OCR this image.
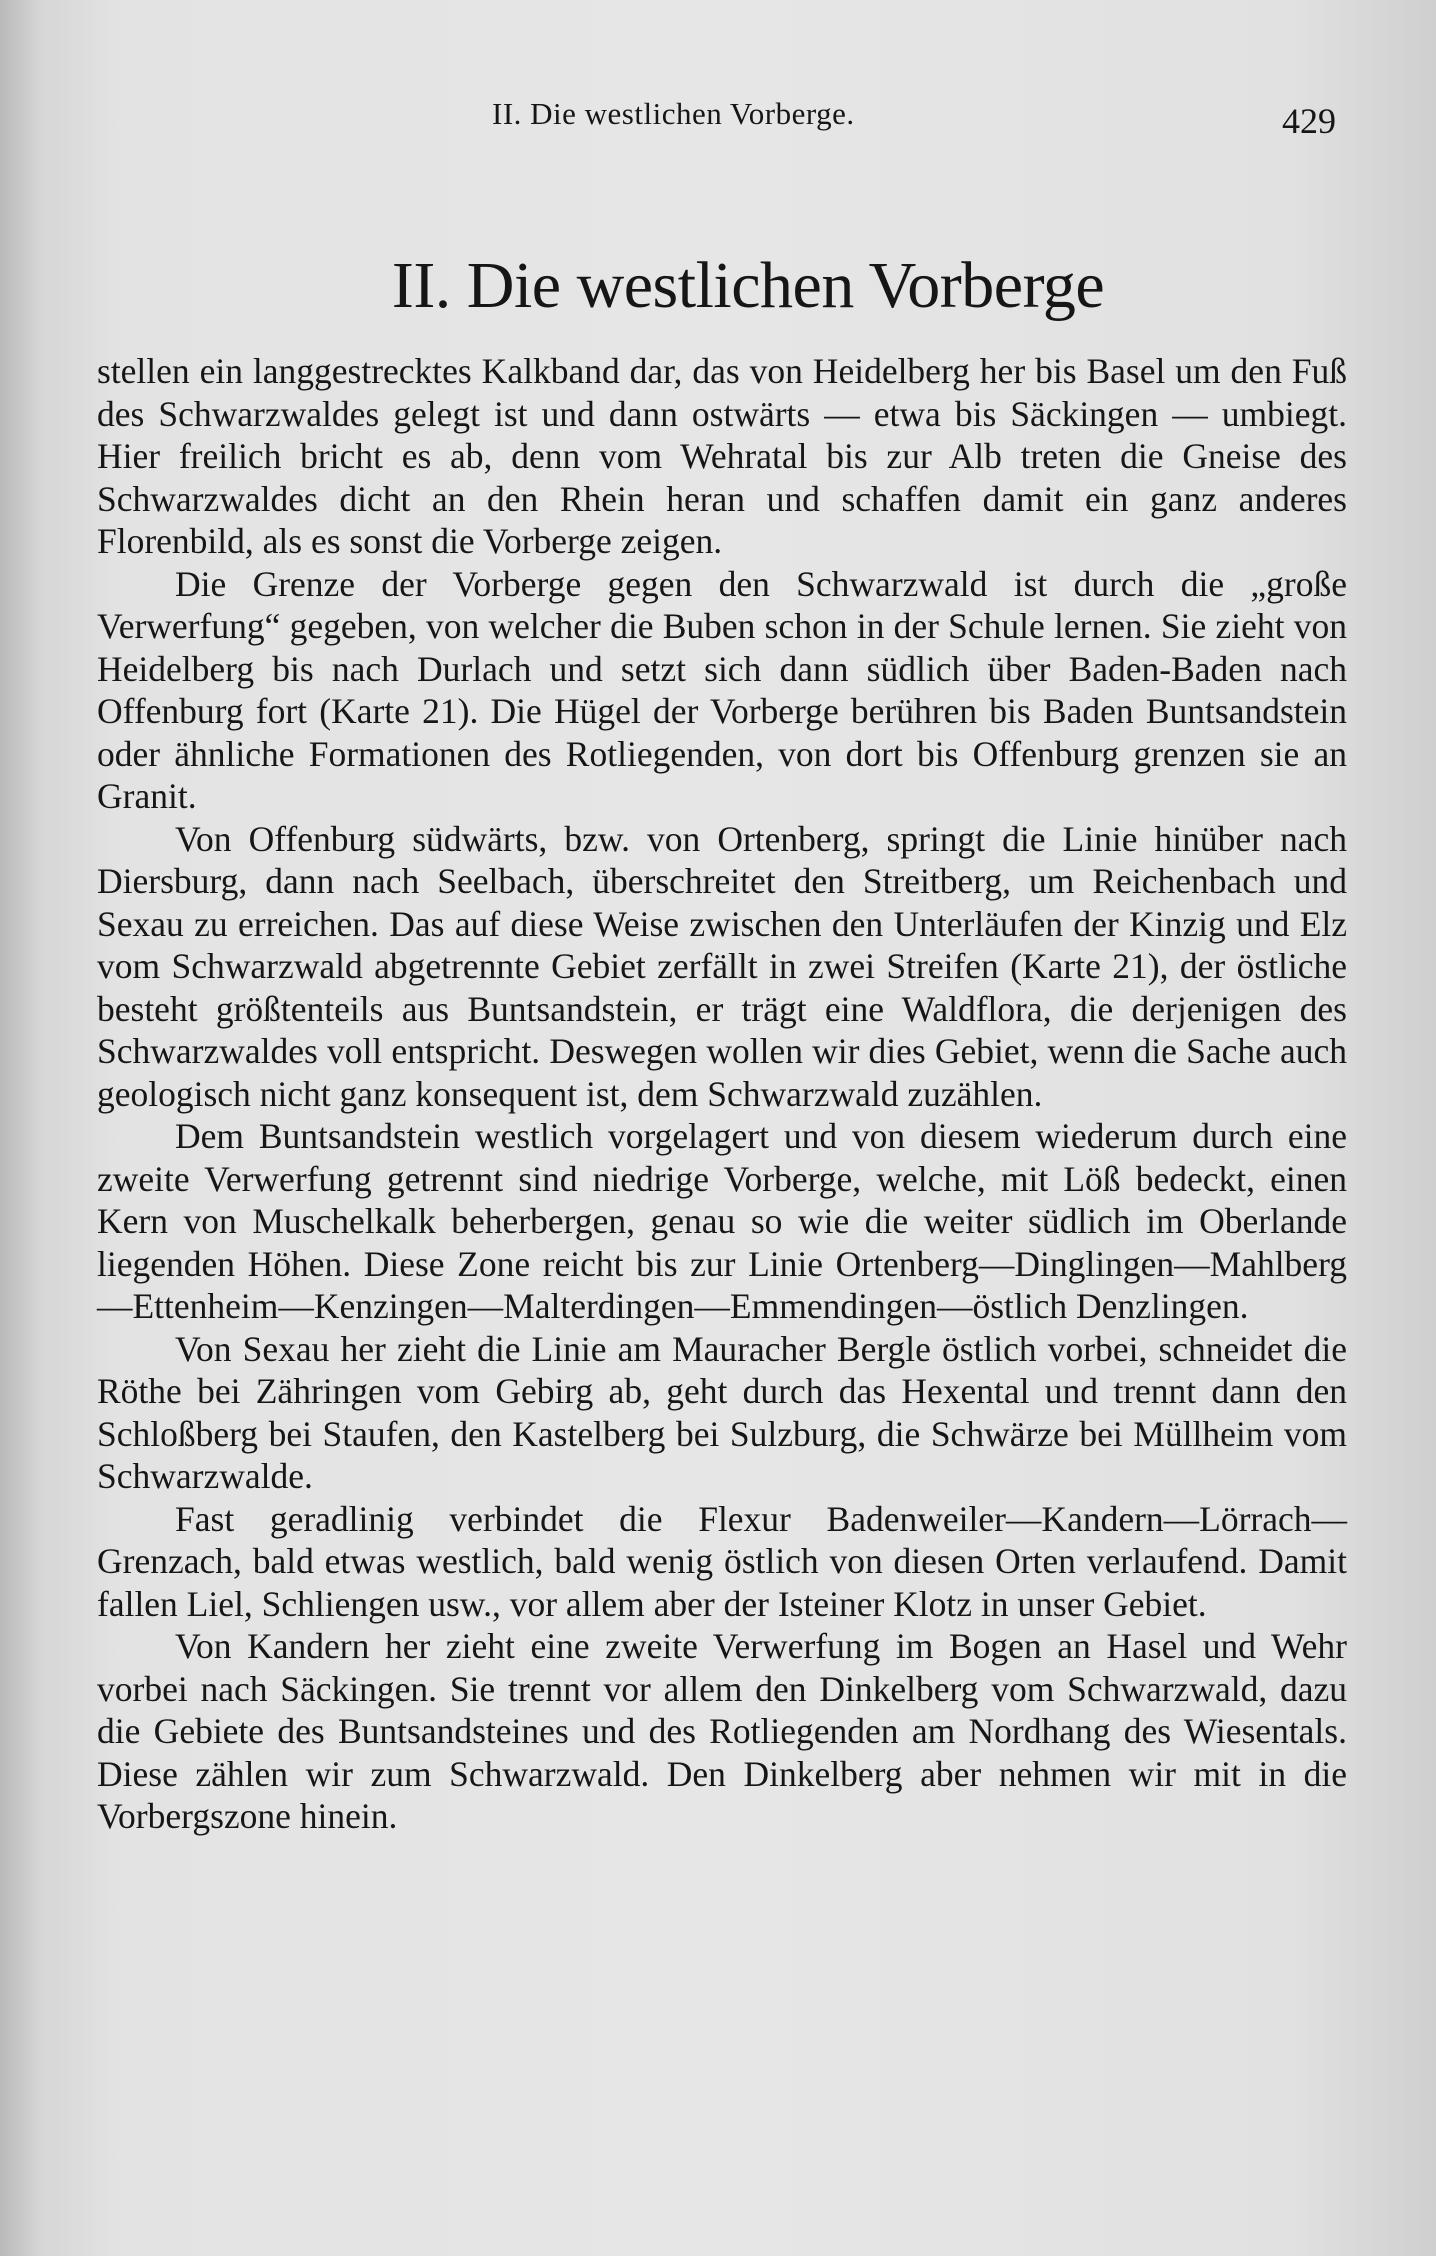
II. Die westlichen Vorberge.	429
II. Die westlichen Vorberge

stellen ein langgestrecktes Kalkband dar, das von Heidelberg her bis Basel um den Fuß des Schwarzwaldes gelegt ist und dann ostwärts — etwa bis Säckingen — umbiegt. Hier freilich bricht es ab, denn vom Wehratal bis zur Alb treten die Gneise des Schwarzwaldes dicht an den Rhein heran und schaffen damit ein ganz anderes Florenbild, als es sonst die Vorberge zeigen.

Die Grenze der Vorberge gegen den Schwarzwald ist durch die „große Verwerfung“ gegeben, von welcher die Buben schon in der Schule lernen. Sie zieht von Heidelberg bis nach Durlach und setzt sich dann südlich über Baden-Baden nach Offenburg fort (Karte 21). Die Hügel der Vorberge berühren bis Baden Buntsandstein oder ähnliche Formationen des Rotliegenden, von dort bis Offenburg grenzen sie an Granit.

Von Offenburg südwärts, bzw. von Ortenberg, springt die Linie hinüber nach Diersburg, dann nach Seelbach, überschreitet den Streitberg, um Reichenbach und Sexau zu erreichen. Das auf diese Weise zwischen den Unterläufen der Kinzig und Elz vom Schwarzwald abgetrennte Gebiet zerfällt in zwei Streifen (Karte 21), der östliche besteht größtenteils aus Buntsandstein, er trägt eine Waldflora, die derjenigen des Schwarzwaldes voll entspricht. Deswegen wollen wir dies Gebiet, wenn die Sache auch geologisch nicht ganz konsequent ist, dem Schwarzwald zuzählen.

Dem Buntsandstein westlich vorgelagert und von diesem wiederum durch eine zweite Verwerfung getrennt sind niedrige Vorberge, welche, mit Löß bedeckt, einen Kern von Muschelkalk beherbergen, genau so wie die weiter südlich im Oberlande liegenden Höhen. Diese Zone reicht bis zur Linie Ortenberg—Dinglingen—Mahlberg—Ettenheim—Kenzingen—Malterdingen—Emmendingen—östlich Denzlingen.

Von Sexau her zieht die Linie am Mauracher Bergle östlich vorbei, schneidet die Röthe bei Zähringen vom Gebirg ab, geht durch das Hexental und trennt dann den Schloßberg bei Staufen, den Kastelberg bei Sulzburg, die Schwärze bei Müllheim vom Schwarzwalde.

Fast geradlinig verbindet die Flexur Badenweiler—Kandern—Lörrach—Grenzach, bald etwas westlich, bald wenig östlich von diesen Orten verlaufend. Damit fallen Liel, Schliengen usw., vor allem aber der Isteiner Klotz in unser Gebiet.

Von Kandern her zieht eine zweite Verwerfung im Bogen an Hasel und Wehr vorbei nach Säckingen. Sie trennt vor allem den Dinkelberg vom Schwarzwald, dazu die Gebiete des Buntsandsteines und des Rotliegenden am Nordhang des Wiesentals. Diese zählen wir zum Schwarzwald. Den Dinkelberg aber nehmen wir mit in die Vorbergszone hinein.
